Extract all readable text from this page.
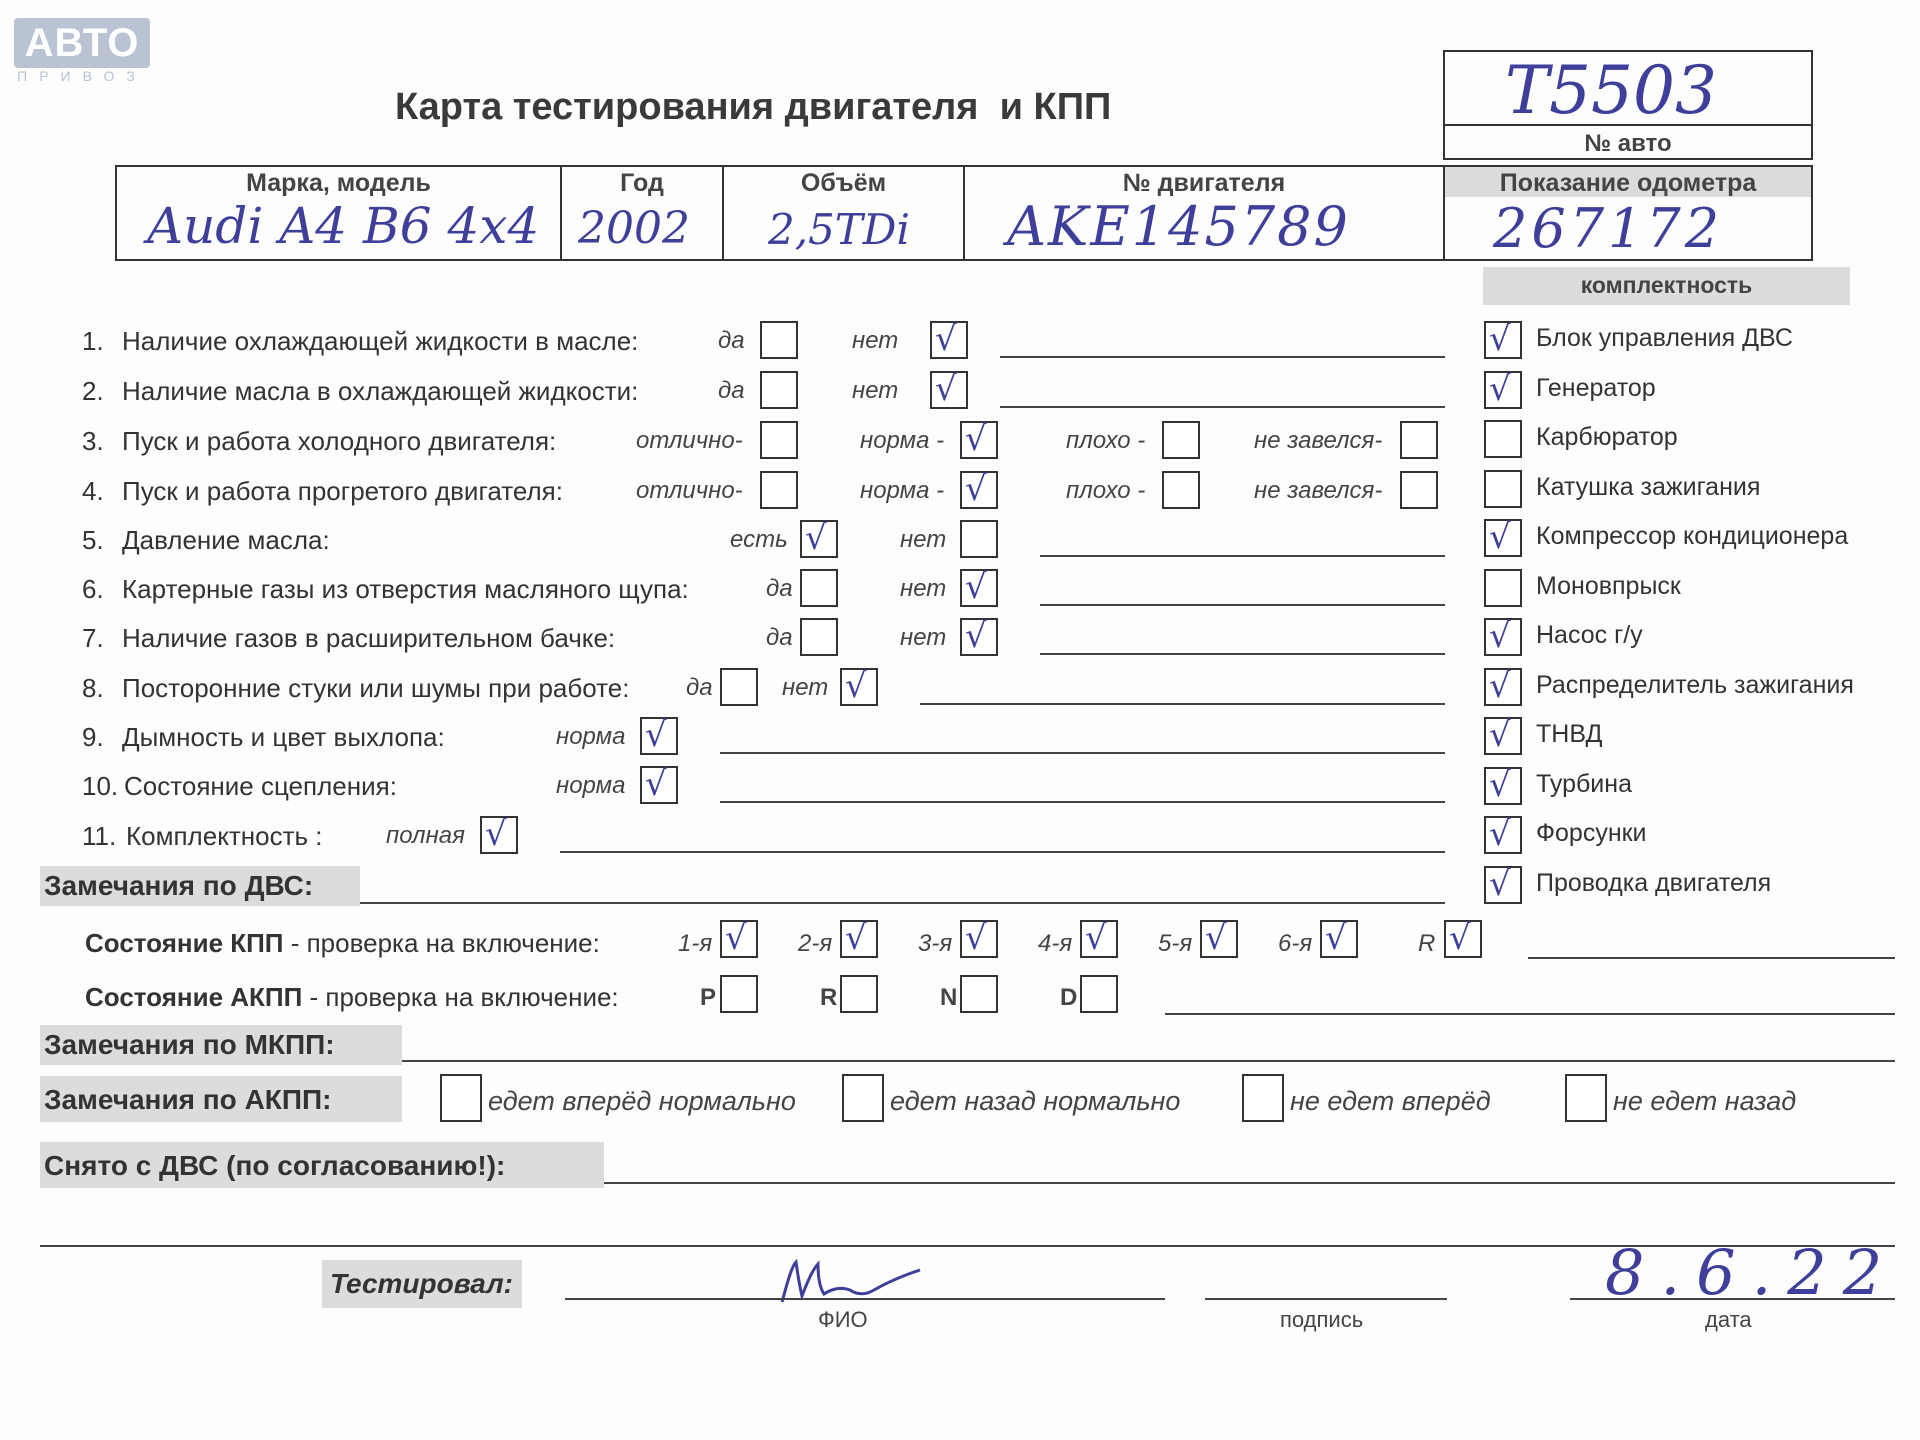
АВТО
ПРИВОЗ
Карта тестирования двигателя  и КПП	Т5503
№ авто
Марка, модель
Audi A4 B6 4x4
Год
2002
Объём
2,5TDi
№ двигателя
AKE145789
Показание одометра
267172
комплектность
1. Наличие охлаждающей жидкости в масле:	да	нет √
2. Наличие масла в охлаждающей жидкости:	да	нет √
3. Пуск и работа холодного двигателя:	отлично-	норма - √	плохо -	не завелся-
4. Пуск и работа прогретого двигателя:	отлично-	норма - √	плохо -	не завелся-
5. Давление масла:	есть √	нет
6. Картерные газы из отверстия масляного щупа:	да	нет √
7. Наличие газов в расширительном бачке:	да	нет √
8. Посторонние стуки или шумы при работе: да	нет √
9. Дымность и цвет выхлопа:	норма √
10. Состояние сцепления:	норма √
11. Комплектность :	полная √
√ Блок управления ДВС
√ Генератор
Карбюратор
Катушка зажигания
√ Компрессор кондиционера
Моновпрыск
√ Насос г/у
√ Распределитель зажигания
√ ТНВД
√ Турбина
√ Форсунки
√ Проводка двигателя
Замечания по ДВС:
Состояние КПП - проверка на включение:	1-я √ 2-я √ 3-я √ 4-я √ 5-я √ 6-я √	R √
Состояние АКПП - проверка на включение:	P	R	N	D
Замечания по МКПП:
Замечания по АКПП:	едет вперёд нормально	едет назад нормально	не едет вперёд	не едет назад
Снято с ДВС (по согласованию!):
Тестировал:	8.6.22
ФИО	подпись	дата
